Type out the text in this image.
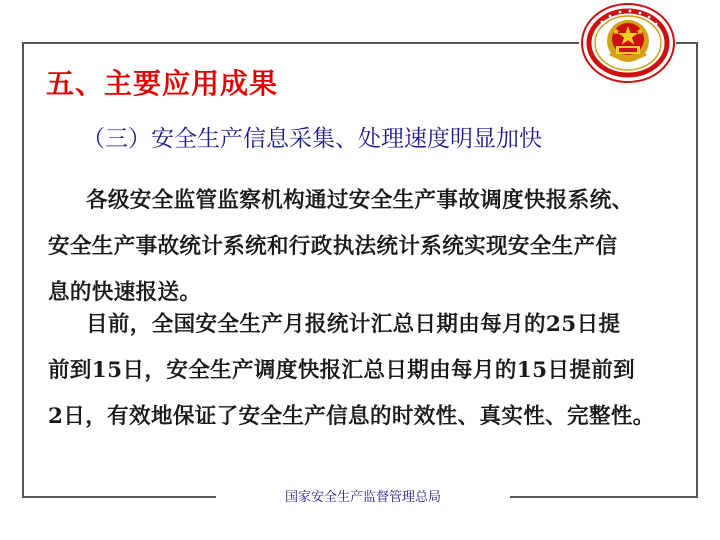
五、主要应用成果
（三）安全生产信息采集、处理速度明显加快
各级安全监管监察机构通过安全生产事故调度快报系统、
安全生产事故统计系统和行政执法统计系统实现安全生产信
息的快速报送。
目前，全国安全生产月报统计汇总日期由每月的25日提
前到15日，安全生产调度快报汇总日期由每月的15日提前到
2日，有效地保证了安全生产信息的时效性、真实性、完整性。
国家安全生产监督管理总局
